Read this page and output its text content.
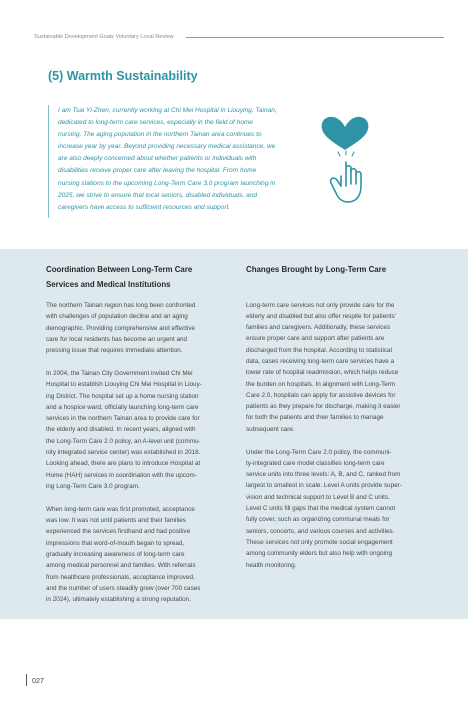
Sustainable Development Goals Voluntary Local Review
(5) Warmth Sustainability

I am Tsai Yi-Zhen, currently working at Chi Mei Hospital in Liouying, Tainan,

dedicated to long-term care services, especially in the field of home

nursing. The aging population in the northern Tainan area continues to

increase year by year. Beyond providing necessary medical assistance, we

are also deeply concerned about whether patients or individuals with

disabilities receive proper care after leaving the hospital. From home

nursing stations to the upcoming Long-Term Care 3.0 program launching in

2025, we strive to ensure that local seniors, disabled individuals, and

caregivers have access to sufficient resources and support.

Coordination Between Long-Term Care
Services and Medical Institutions

The northern Tainan region has long been confronted

with challenges of population decline and an aging

demographic. Providing comprehensive and effective

care for local residents has become an urgent and

pressing issue that requires immediate attention.

In 2004, the Tainan City Government invited Chi Mei

Hospital to establish Liouying Chi Mei Hospital in Liouy-

ing District. The hospital set up a home nursing station

and a hospice ward, officially launching long-term care

services in the northern Tainan area to provide care for

the elderly and disabled. In recent years, aligned with

the Long-Term Care 2.0 policy, an A-level unit (commu-

nity integrated service center) was established in 2018.

Looking ahead, there are plans to introduce Hospital at

Home (HAH) services in coordination with the upcom-

ing Long-Term Care 3.0 program.

When long-term care was first promoted, acceptance

was low. It was not until patients and their families

experienced the services firsthand and had positive

impressions that word-of-mouth began to spread,

gradually increasing awareness of long-term care

among medical personnel and families. With referrals

from healthcare professionals, acceptance improved,

and the number of users steadily grew (over 700 cases

in 2024), ultimately establishing a strong reputation.

Changes Brought by Long-Term Care

Long-term care services not only provide care for the

elderly and disabled but also offer respite for patients’

families and caregivers. Additionally, these services

ensure proper care and support after patients are

discharged from the hospital. According to statistical

data, cases receiving long-term care services have a

lower rate of hospital readmission, which helps reduce

the burden on hospitals. In alignment with Long-Term

Care 2.0, hospitals can apply for assistive devices for

patients as they prepare for discharge, making it easier

for both the patients and their families to manage

subsequent care.

Under the Long-Term Care 2.0 policy, the communi-

ty-integrated care model classifies long-term care

service units into three levels: A, B, and C, ranked from

largest to smallest in scale. Level A units provide super-

vision and technical support to Level B and C units.

Level C units fill gaps that the medical system cannot

fully cover, such as organizing communal meals for

seniors, concerts, and various courses and activities.

These services not only promote social engagement

among community elders but also help with ongoing

health monitoring.

027
